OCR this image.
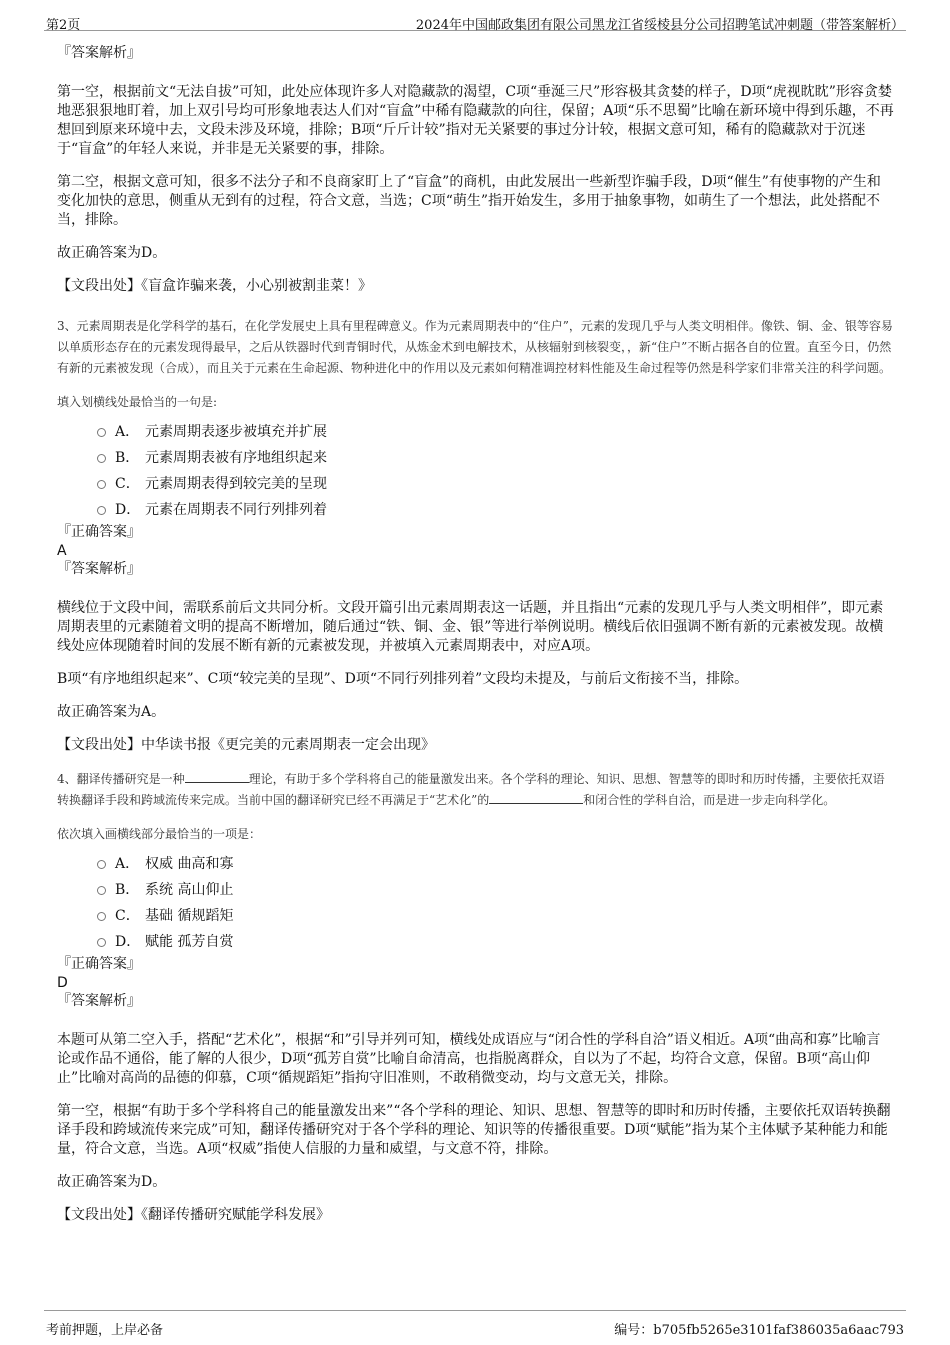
第2页	2024年中国邮政集团有限公司黑龙江省绥棱县分公司招聘笔试冲刺题（带答案解析）
『答案解析』

第一空，根据前文“无法自拔”可知，此处应体现许多人对隐藏款的渴望，C项“垂涎三尺”形容极其贪婪的样子，D项“虎视眈眈”形容贪婪地恶狠狠地盯着，加上双引号均可形象地表达人们对“盲盒”中稀有隐藏款的向往，保留；A项“乐不思蜀”比喻在新环境中得到乐趣，不再想回到原来环境中去，文段未涉及环境，排除；B项“斤斤计较”指对无关紧要的事过分计较，根据文意可知，稀有的隐藏款对于沉迷于“盲盒”的年轻人来说，并非是无关紧要的事，排除。

第二空，根据文意可知，很多不法分子和不良商家盯上了“盲盒”的商机，由此发展出一些新型诈骗手段，D项“催生”有使事物的产生和变化加快的意思，侧重从无到有的过程，符合文意，当选；C项“萌生”指开始发生，多用于抽象事物，如萌生了一个想法，此处搭配不当，排除。

故正确答案为D。

【文段出处】《盲盒诈骗来袭，小心别被割韭菜！》

3、元素周期表是化学科学的基石，在化学发展史上具有里程碑意义。作为元素周期表中的“住户”，元素的发现几乎与人类文明相伴。像铁、铜、金、银等容易以单质形态存在的元素发现得最早，之后从铁器时代到青铜时代，从炼金术到电解技术，从核辐射到核裂变，，新“住户”不断占据各自的位置。直至今日，仍然有新的元素被发现（合成），而且关于元素在生命起源、物种进化中的作用以及元素如何精准调控材料性能及生命过程等仍然是科学家们非常关注的科学问题。

填入划横线处最恰当的一句是:

A． 元素周期表逐步被填充并扩展
B． 元素周期表被有序地组织起来
C． 元素周期表得到较完美的呈现
D． 元素在周期表不同行列排列着
『正确答案』
A
『答案解析』

横线位于文段中间，需联系前后文共同分析。文段开篇引出元素周期表这一话题，并且指出“元素的发现几乎与人类文明相伴”，即元素周期表里的元素随着文明的提高不断增加，随后通过“铁、铜、金、银”等进行举例说明。横线后依旧强调不断有新的元素被发现。故横线处应体现随着时间的发展不断有新的元素被发现，并被填入元素周期表中，对应A项。

B项“有序地组织起来”、C项“较完美的呈现”、D项“不同行列排列着”文段均未提及，与前后文衔接不当，排除。

故正确答案为A。

【文段出处】中华读书报《更完美的元素周期表一定会出现》

4、翻译传播研究是一种	理论，有助于多个学科将自己的能量激发出来。各个学科的理论、知识、思想、智慧等的即时和历时传播，主要依托双语转换翻译手段和跨域流传来完成。当前中国的翻译研究已经不再满足于“艺术化”的	和闭合性的学科自洽，而是进一步走向科学化。

依次填入画横线部分最恰当的一项是：

A． 权威 曲高和寡
B． 系统 高山仰止
C． 基础 循规蹈矩
D． 赋能 孤芳自赏
『正确答案』
D
『答案解析』

本题可从第二空入手，搭配“艺术化”，根据“和”引导并列可知，横线处成语应与“闭合性的学科自洽”语义相近。A项“曲高和寡”比喻言论或作品不通俗，能了解的人很少，D项“孤芳自赏”比喻自命清高，也指脱离群众，自以为了不起，均符合文意，保留。B项“高山仰止”比喻对高尚的品德的仰慕，C项“循规蹈矩”指拘守旧准则，不敢稍微变动，均与文意无关，排除。

第一空，根据“有助于多个学科将自己的能量激发出来”“各个学科的理论、知识、思想、智慧等的即时和历时传播，主要依托双语转换翻译手段和跨域流传来完成”可知，翻译传播研究对于各个学科的理论、知识等的传播很重要。D项“赋能”指为某个主体赋予某种能力和能量，符合文意，当选。A项“权威”指使人信服的力量和威望，与文意不符，排除。

故正确答案为D。

【文段出处】《翻译传播研究赋能学科发展》

考前押题，上岸必备	编号：b705fb5265e3101faf386035a6aac793
